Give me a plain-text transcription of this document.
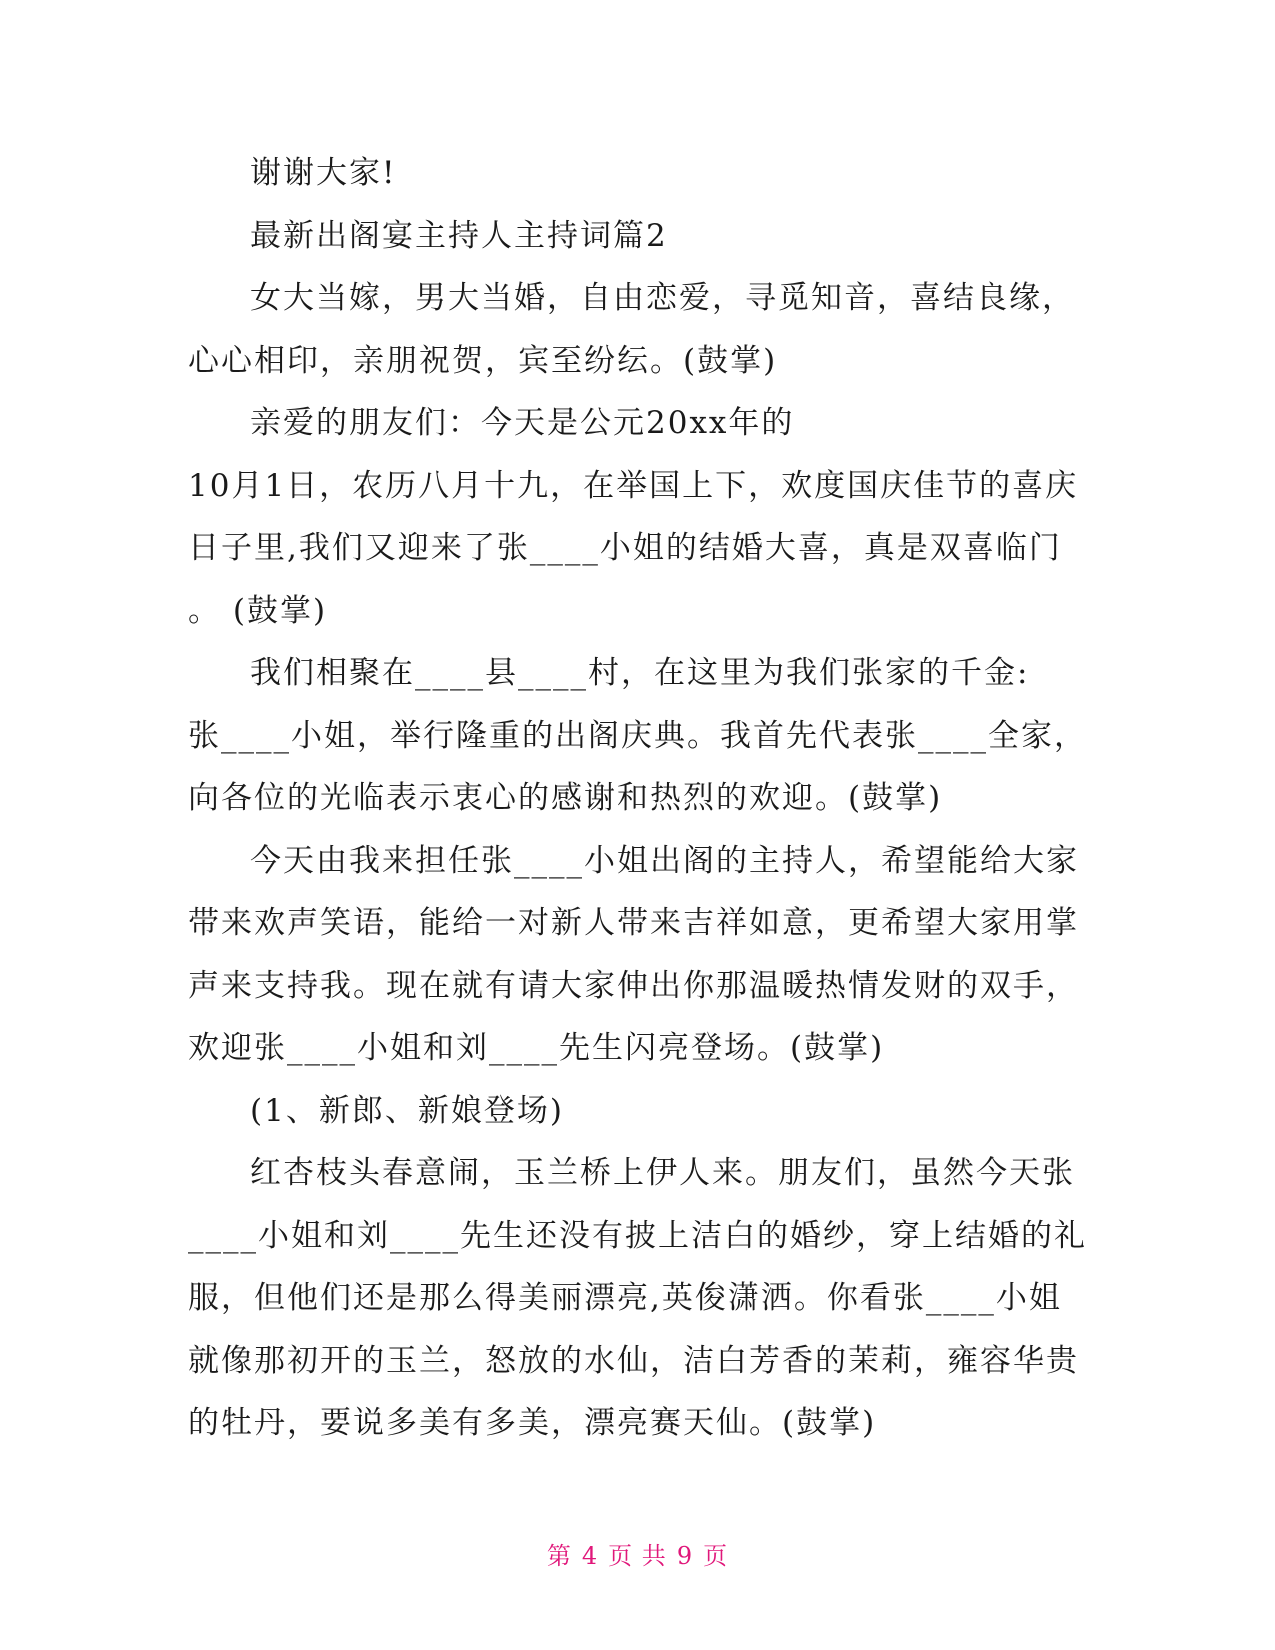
谢谢大家!
最新出阁宴主持人主持词篇2
女大当嫁，男大当婚，自由恋爱，寻觅知音，喜结良缘，
心心相印，亲朋祝贺，宾至纷纭。(鼓掌)
亲爱的朋友们：今天是公元20xx年的
10月1日，农历八月十九，在举国上下，欢度国庆佳节的喜庆
日子里,我们又迎来了张____小姐的结婚大喜，真是双喜临门
。 (鼓掌)
我们相聚在____县____村，在这里为我们张家的千金:
张____小姐，举行隆重的出阁庆典。我首先代表张____全家，
向各位的光临表示衷心的感谢和热烈的欢迎。(鼓掌)
今天由我来担任张____小姐出阁的主持人，希望能给大家
带来欢声笑语，能给一对新人带来吉祥如意，更希望大家用掌
声来支持我。现在就有请大家伸出你那温暖热情发财的双手，
欢迎张____小姐和刘____先生闪亮登场。(鼓掌)
(1、新郎、新娘登场)
红杏枝头春意闹，玉兰桥上伊人来。朋友们，虽然今天张
____小姐和刘____先生还没有披上洁白的婚纱，穿上结婚的礼
服，但他们还是那么得美丽漂亮,英俊潇洒。你看张____小姐
就像那初开的玉兰，怒放的水仙，洁白芳香的茉莉，雍容华贵
的牡丹，要说多美有多美，漂亮赛天仙。(鼓掌)
第 4 页 共 9 页
